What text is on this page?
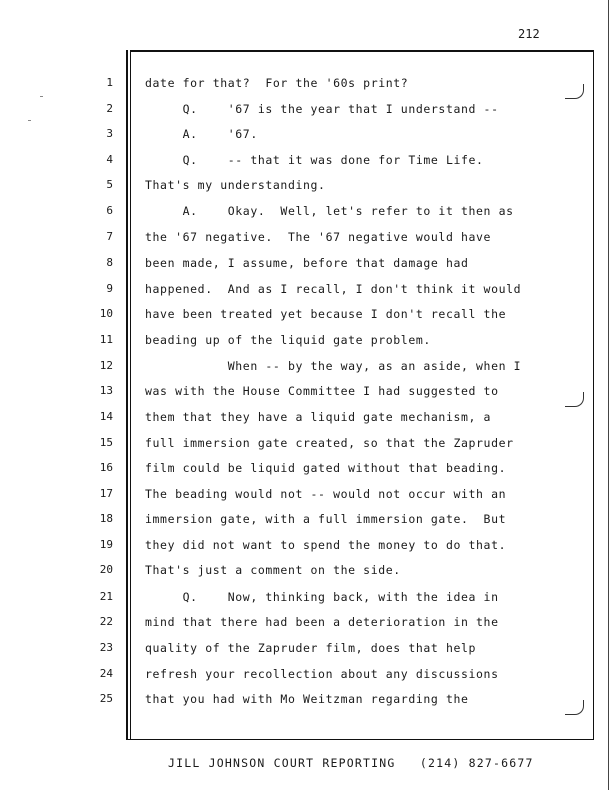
212
1	date for that?  For the '60s print?
2	Q.    '67 is the year that I understand --
3	A.    '67.
4	Q.    -- that it was done for Time Life.
5	That's my understanding.
6	A.    Okay.  Well, let's refer to it then as
7	the '67 negative.  The '67 negative would have
8	been made, I assume, before that damage had
9	happened.  And as I recall, I don't think it would
10	have been treated yet because I don't recall the
11	beading up of the liquid gate problem.
12	When -- by the way, as an aside, when I
13	was with the House Committee I had suggested to
14	them that they have a liquid gate mechanism, a
15	full immersion gate created, so that the Zapruder
16	film could be liquid gated without that beading.
17	The beading would not -- would not occur with an
18	immersion gate, with a full immersion gate.  But
19	they did not want to spend the money to do that.
20	That's just a comment on the side.
21	Q.    Now, thinking back, with the idea in
22	mind that there had been a deterioration in the
23	quality of the Zapruder film, does that help
24	refresh your recollection about any discussions
25	that you had with Mo Weitzman regarding the
JILL JOHNSON COURT REPORTING   (214) 827-6677
